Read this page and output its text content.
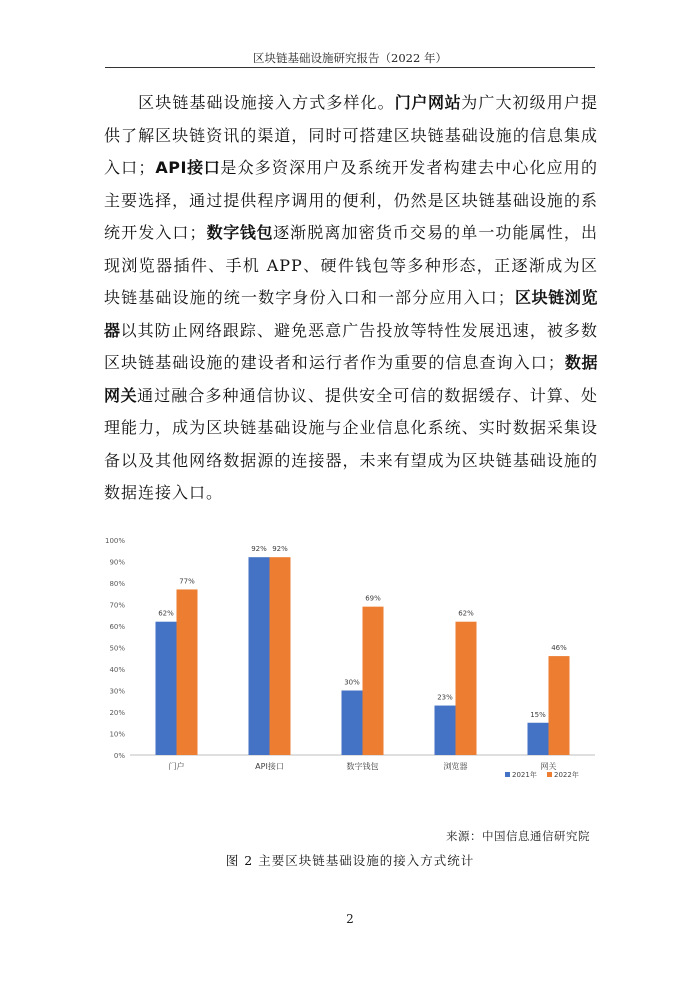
区块链基础设施研究报告（2022 年）
区块链基础设施接入方式多样化。门户网站为广大初级用户提供了解区块链资讯的渠道，同时可搭建区块链基础设施的信息集成入口；API接口是众多资深用户及系统开发者构建去中心化应用的主要选择，通过提供程序调用的便利，仍然是区块链基础设施的系统开发入口；数字钱包逐渐脱离加密货币交易的单一功能属性，出现浏览器插件、手机 APP、硬件钱包等多种形态，正逐渐成为区块链基础设施的统一数字身份入口和一部分应用入口；区块链浏览器以其防止网络跟踪、避免恶意广告投放等特性发展迅速，被多数区块链基础设施的建设者和运行者作为重要的信息查询入口；数据网关通过融合多种通信协议、提供安全可信的数据缓存、计算、处理能力，成为区块链基础设施与企业信息化系统、实时数据采集设备以及其他网络数据源的连接器，未来有望成为区块链基础设施的数据连接入口。
0%
10%
20%
30%
40%
50%
60%
70%
80%
90%
100%
62%
77%
门户
92% 92%
API接口
30%
69%
数字钱包
23%
62%
浏览器
15%
46%
网关
2021年 2022年
来源：中国信息通信研究院
图 2 主要区块链基础设施的接入方式统计
2
